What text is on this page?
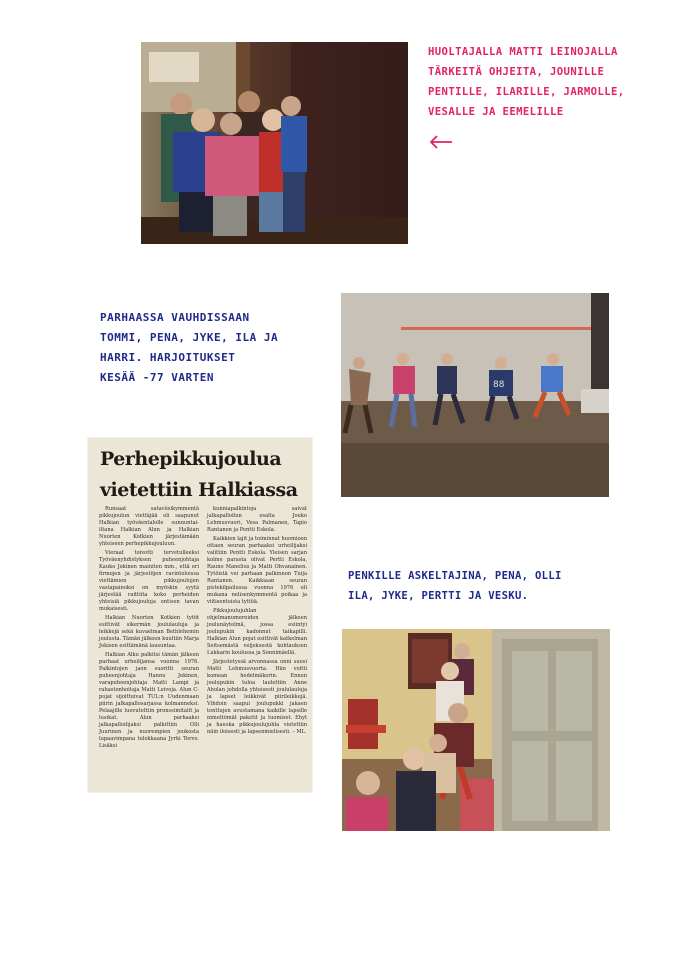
HUOLTAJALLA MATTI LEINOJALLA
TÄRKEITÄ OHJEITA, JOUNILLE
PENTILLE, ILARILLE, JARMOLLE,
VESALLE JA EEMELILLE
PARHAASSA VAUHDISSAAN
TOMMI, PENA, JYKE, ILA JA
HARRI. HARJOITUKSET
KESÄÄ -77 VARTEN
88
Perhepikkujoulua
vietettiin Halkiassa

Runsaat satavi̇isikymmentä pikkujoulun viettäjää oli saapunut Halkian työväentalolle sunnuntai-iltana Halkian Alun ja Halkian Nuorten Kotkien järjestämään yhteiseen perhepikkujouluun.

Vieraat toivotti tervetulleeksi Työväenyhdistyksen puheenjohtaja Kauko Jokinen mainiten mm., että eri firmojen ja järjestöjen ravintoloissa viettämien pikkujoulujen vastapainoksi on myöskin syytä järjestää raittiita koko perheiden yhteisiä pikkujouluja entisen tavan mukaisesti.

Halkian Nuorten Kotkien tytöt esittivät sikermän joululauluja ja leikkejä sekä kuvaelman Bethlehemin joulusta. Tämän jälkeen kuultiin Marja Jokisen esittämänä lausuntaa.

Halkian Alku palkitsi tämän jälkeen parhaat urheilijansa vuonna 1976. Palkintojen jaon suoritti seuran puheenjohtaja Hannu Jokinen, varapuheenjohtaja Matti Lampi ja rahastonhoitaja Matti Leivoja. Alun C-pojat sijoittuivat TUL:n Uudenmaan piirin jalkapallosarjassa kolmanneksi. Pelaajille luovutettiin pronssimitalit ja lusikat. Alun parhaaksi jalkapalloilijaksi palkittiin Olli Juurinen ja nuorempien joukosta lupaavimpana tulokkaana Jyrki Tervo. Lisäksi

kunniapalkintoja saivat jalkapalloilun osalta Jouko Lehmusvuori, Vesa Palmanen, Tapio Rantanen ja Pentti Eskola.

Kaikkien lajit ja toiminnat huomioon ottaen seuran parhaaksi urheilijaksi valittiin Pentti Eskola. Yleisen sarjan kolme parasta olivat Pertti Eskola, Rauno Manelius ja Matti Ohvanainen. Tytöistä vei parhaan palkinnon Tuija Rantanen. Kaikkiaan seuran pistekilpailussa vuonna 1976 oli mukana nelisenkymmentä poikaa ja viitisentoista tyttöä.

Pikkujoulujuhlan ohjelmanumeroiden jälkeen joulunäytelmä, jossa esiintyi joulupukin kadonnut taikapilli. Halkian Alun pojat esittivät katkelman Seitsemästä veljeksestä kohtauksen Lukkarin koulussa ja Sonnimäellä.

Järjestetyssä arvonnassa onni suosi Matti Lehmusvuorta. Hän voitti komean hedelmäkorin. Ennen joulupukin tuloa laulettiin Anne Aholan johdolla yhteisesti joululauluja ja lapset leikkivät piirileikkejä. Vihdoin saapui joulupukki jakaen tonttujen avustamana kaikille lapsille nimettömät paketit ja tuomiset. Ehyt ja hauska pikkujoulujuhla vietettiin näin iloisesti ja lapsenmielisesti. – ML.

PENKILLE ASKELTAJINA, PENA, OLLI
ILA, JYKE, PERTTI JA VESKU.
